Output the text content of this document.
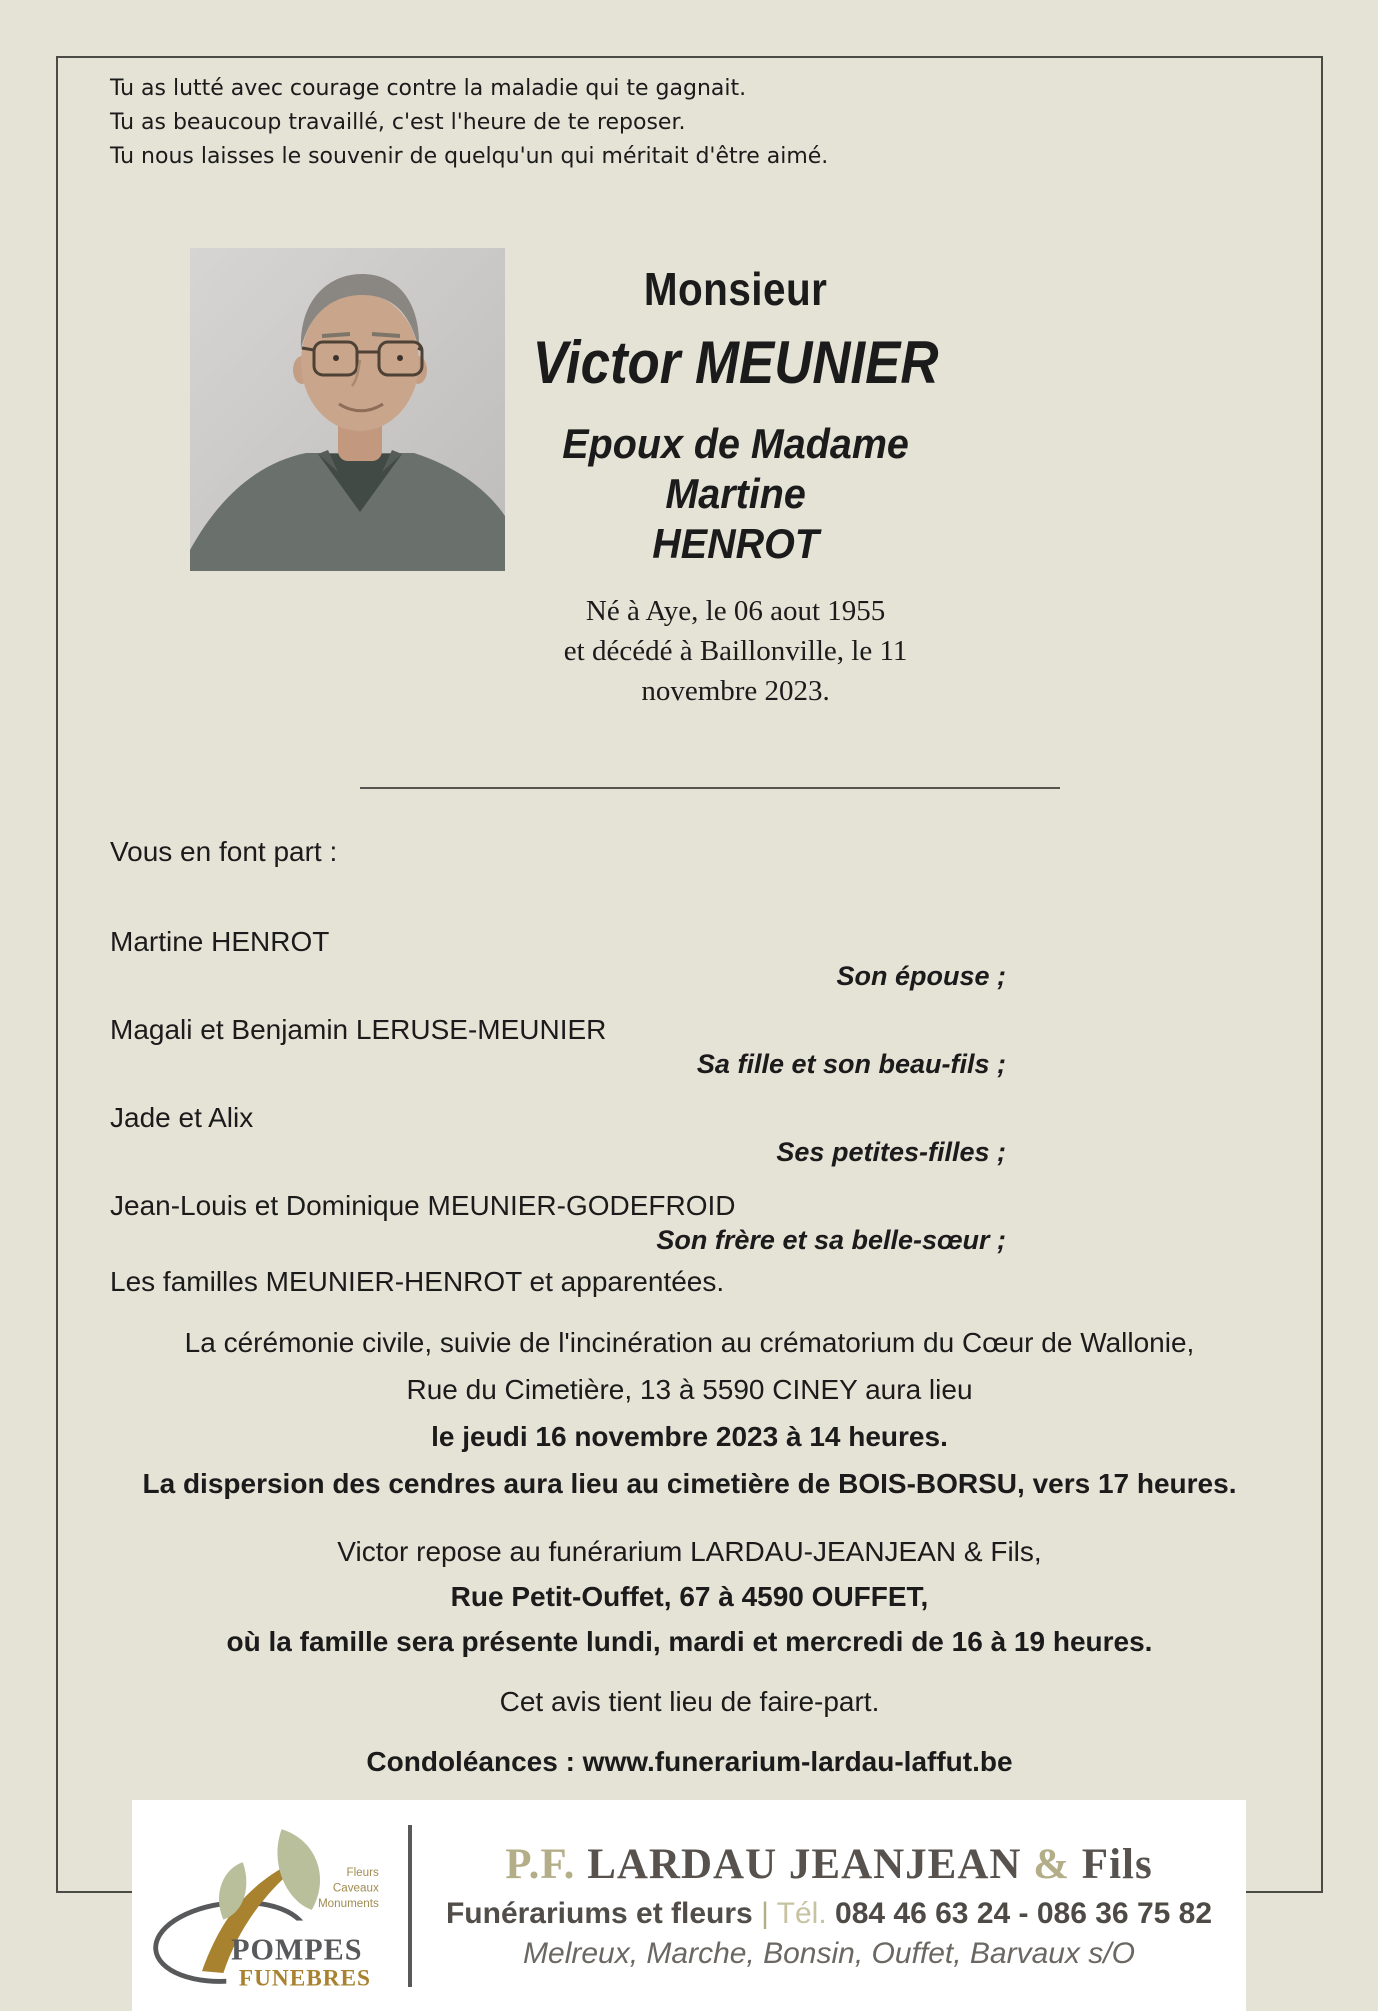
Tu as lutté avec courage contre la maladie qui te gagnait.
Tu as beaucoup travaillé, c'est l'heure de te reposer.
Tu nous laisses le souvenir de quelqu'un qui méritait d'être aimé.
Monsieur
Victor MEUNIER
Epoux de Madame Martine
HENROT
Né à Aye, le 06 aout 1955
et décédé à Baillonville, le 11 novembre 2023.
Vous en font part :
Martine HENROT
Son épouse ;
Magali et Benjamin LERUSE-MEUNIER
Sa fille et son beau-fils ;
Jade et Alix
Ses petites-filles ;
Jean-Louis et Dominique MEUNIER-GODEFROID
Son frère et sa belle-sœur ;
Les familles MEUNIER-HENROT et apparentées.
La cérémonie civile, suivie de l'incinération au crématorium du Cœur de Wallonie,
Rue du Cimetière, 13 à 5590 CINEY aura lieu
le jeudi 16 novembre 2023 à 14 heures.
La dispersion des cendres aura lieu au cimetière de BOIS-BORSU, vers 17 heures.
Victor repose au funérarium LARDAU-JEANJEAN & Fils,
Rue Petit-Ouffet, 67 à 4590 OUFFET,
où la famille sera présente lundi, mardi et mercredi de 16 à 19 heures.
Cet avis tient lieu de faire-part.
Condoléances : www.funerarium-lardau-laffut.be
Fleurs
Caveaux
Monuments
POMPES
FUNEBRES
P.F. LARDAU JEANJEAN & Fils
Funérariums et fleurs | Tél. 084 46 63 24 - 086 36 75 82
Melreux, Marche, Bonsin, Ouffet, Barvaux s/O
